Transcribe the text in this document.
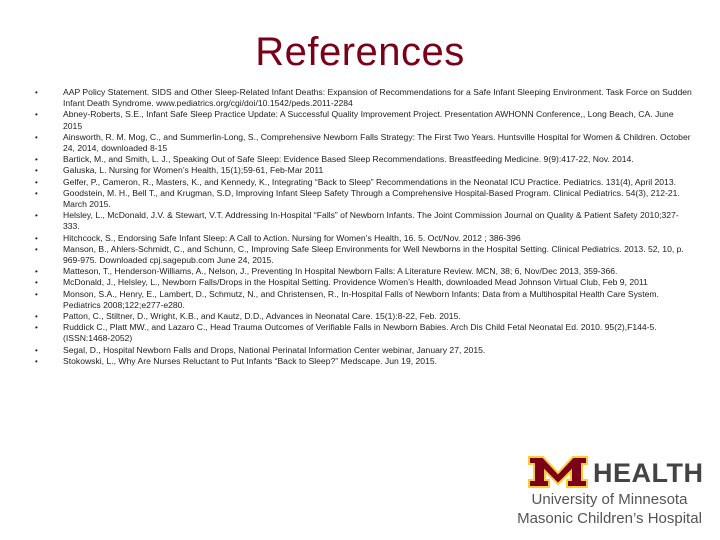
References
•	AAP Policy Statement. SIDS and Other Sleep-Related Infant Deaths: Expansion of Recommendations for a Safe Infant Sleeping Environment. Task Force on Sudden Infant Death Syndrome. www.pediatrics.org/cgi/doi/10.1542/peds.2011-2284
•	Abney-Roberts, S.E., Infant Safe Sleep Practice Update: A Successful Quality Improvement Project. Presentation AWHONN Conference,, Long Beach, CA. June 2015
•	Ainsworth, R. M. Mog, C., and Summerlin-Long, S., Comprehensive Newborn Falls Strategy: The First Two Years. Huntsville Hospital for Women & Children. October 24, 2014, downloaded 8-15
•	Bartick, M., and Smith, L. J., Speaking Out of Safe Sleep: Evidence Based Sleep Recommendations. Breastfeeding Medicine. 9(9):417-22, Nov. 2014.
•	Galuska, L. Nursing for Women’s Health, 15(1);59-61, Feb-Mar 2011
•	Gelfer, P., Cameron, R., Masters, K., and Kennedy, K., Integrating “Back to Sleep” Recommendations in the Neonatal ICU Practice. Pediatrics. 131(4), April 2013.
•	Goodstein, M. H., Bell T., and Krugman, S.D, Improving Infant Sleep Safety Through a Comprehensive Hospital-Based Program. Clinical Pediatrics. 54(3), 212-21. March 2015.
•	Helsley, L., McDonald, J.V. & Stewart, V.T. Addressing In-Hospital “Falls” of Newborn Infants. The Joint Commission Journal on Quality & Patient Safety 2010;327-333.
•	Hitchcock, S., Endorsing Safe Infant Sleep: A Call to Action. Nursing for Women’s Health, 16. 5. Oct/Nov. 2012 ; 386-396
•	Manson, B., Ahlers-Schmidt, C., and Schunn, C., Improving Safe Sleep Environments for Well Newborns in the Hospital Setting. Clinical Pediatrics. 2013. 52, 10, p. 969-975. Downloaded cpj.sagepub.com June 24, 2015.
•	Matteson, T., Henderson-Williams, A., Nelson, J., Preventing In Hospital Newborn Falls: A Literature Review. MCN, 38; 6, Nov/Dec 2013, 359-366.
•	McDonald, J., Helsley, L., Newborn Falls/Drops in the Hospital Setting. Providence Women’s Health, downloaded Mead Johnson Virtual Club, Feb 9, 2011
•	Monson, S.A., Henry, E., Lambert, D., Schmutz, N., and Christensen, R., In-Hospital Falls of Newborn Infants: Data from a Multihospital Health Care System. Pediatrics 2008;122;e277-e280.
•	Patton, C., Stiltner, D., Wright, K.B., and Kautz, D.D., Advances in Neonatal Care. 15(1):8-22, Feb. 2015.
•	Ruddick C., Platt MW., and Lazaro C., Head Trauma Outcomes of Verifiable Falls in Newborn Babies. Arch Dis Child Fetal Neonatal Ed. 2010. 95(2),F144-5.(ISSN:1468-2052)
•	Segal, D., Hospital Newborn Falls and Drops, National Perinatal Information Center webinar, January 27, 2015.
•	Stokowski, L., Why Are Nurses Reluctant to Put Infants “Back to Sleep?” Medscape. Jun 19, 2015.
HEALTH
University of Minnesota
Masonic Children’s Hospital
